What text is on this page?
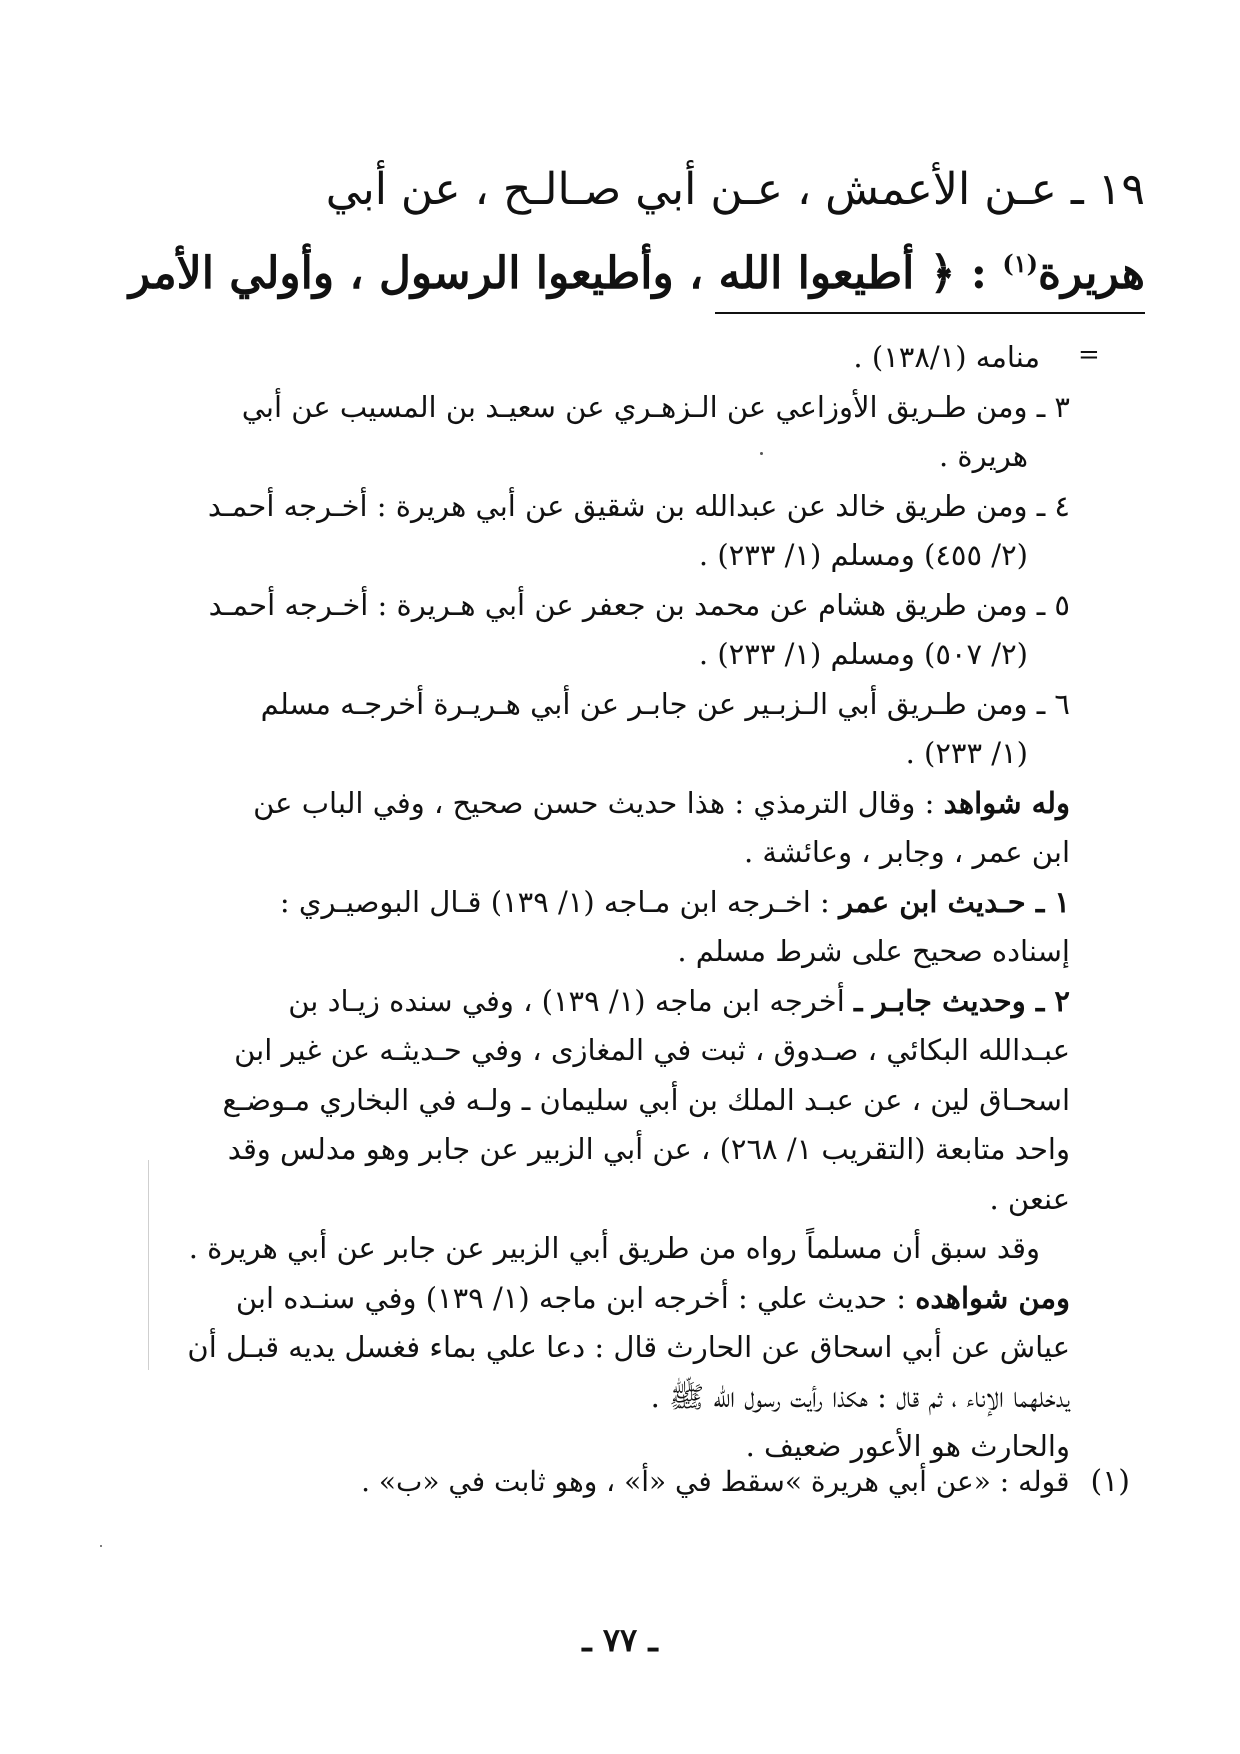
١٩ ـ عـن الأعمش ، عـن أبي صـالـح ، عن أبي
هريرة$^{(١)}$ : ﴿ أطيعوا الله ، وأطيعوا الرسول ، وأولي الأمر
=
منامه (١٣٨/١) .
٣ ـ ومن طـريق الأوزاعي عن الـزهـري عن سعيـد بن المسيب عن أبي
هريرة .
٤ ـ ومن طريق خالد عن عبدالله بن شقيق عن أبي هريرة : أخـرجه أحمـد
(٢/ ٤٥٥) ومسلم (١/ ٢٣٣) .
٥ ـ ومن طريق هشام عن محمد بن جعفر عن أبي هـريرة : أخـرجه أحمـد
(٢/ ٥٠٧) ومسلم (١/ ٢٣٣) .
٦ ـ ومن طـريق أبي الـزبـير عن جابـر عن أبي هـريـرة أخرجـه مسلم
(١/ ٢٣٣) .
وله شواهد : وقال الترمذي : هذا حديث حسن صحيح ، وفي الباب عن
ابن عمر ، وجابر ، وعائشة .
١ ـ حـديث ابن عمر : اخـرجه ابن مـاجه (١/ ١٣٩) قـال البوصيـري :
إسناده صحيح على شرط مسلم .
٢ ـ وحديث جابـر ـ أخرجه ابن ماجه (١/ ١٣٩) ، وفي سنده زيـاد بن
عبـدالله البكائي ، صـدوق ، ثبت في المغازى ، وفي حـديثـه عن غير ابن
اسحـاق لين ، عن عبـد الملك بن أبي سليمان ـ ولـه في البخاري مـوضـع
واحد متابعة (التقريب ١/ ٢٦٨) ، عن أبي الزبير عن جابر وهو مدلس وقد
عنعن .
وقد سبق أن مسلماً رواه من طريق أبي الزبير عن جابر عن أبي هريرة .
ومن شواهده : حديث علي : أخرجه ابن ماجه (١/ ١٣٩) وفي سنـده ابن
عياش عن أبي اسحاق عن الحارث قال : دعا علي بماء فغسل يديه قبـل أن
يدخلهما الإناء ، ثم قال : هكذا رأيت رسول الله ﷺ .
والحارث هو الأعور ضعيف .
(١) قوله : «عن أبي هريرة »سقط في «أ» ، وهو ثابت في «ب» .
ـ ٧٧ ـ
